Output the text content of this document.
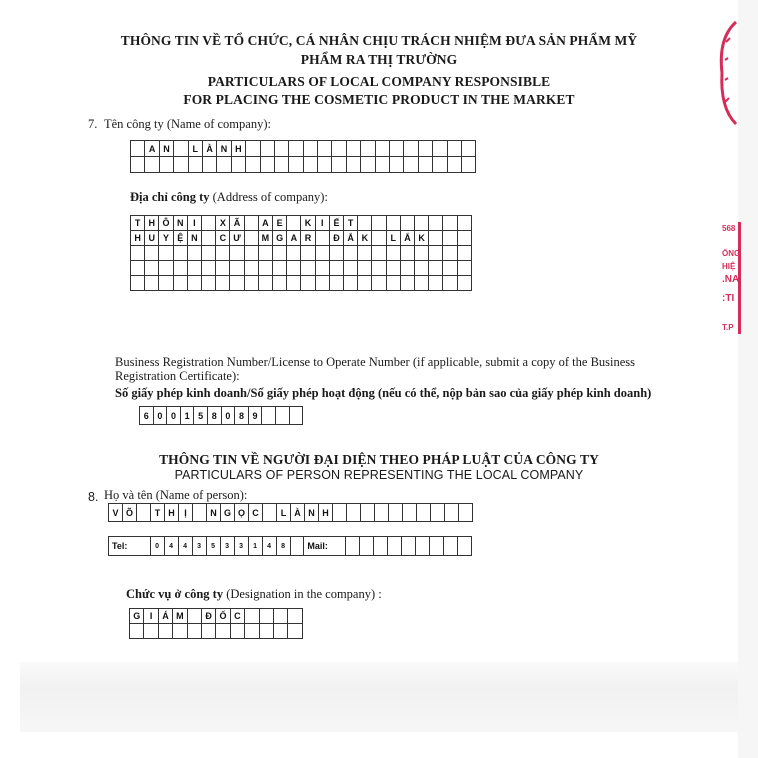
THÔNG TIN VỀ TỔ CHỨC, CÁ NHÂN CHỊU TRÁCH NHIỆM ĐƯA SẢN PHẨM MỸ
PHẨM RA THỊ TRƯỜNG
PARTICULARS OF LOCAL COMPANY RESPONSIBLE
FOR PLACING THE COSMETIC PRODUCT IN THE MARKET
7. Tên công ty (Name of company):
	A	N		L	À	N	H																

Địa chỉ công ty (Address of company):
T	H	Ô	N	I		X	Ã		A	E		K	I	Ế	T								
H	U	Y	Ệ	N		C	Ư		M	G	A	R		Đ	Ắ	K		L	Ắ	K			

Business Registration Number/License to Operate Number (if applicable, submit a copy of the Business
Registration Certificate):
Số giấy phép kinh doanh/Số giấy phép hoạt động (nếu có thể, nộp bản sao của giấy phép kinh doanh)
6	0	0	1	5	8	0	8	9			
THÔNG TIN VỀ NGƯỜI ĐẠI DIỆN THEO PHÁP LUẬT CỦA CÔNG TY
PARTICULARS OF PERSON REPRESENTING THE LOCAL COMPANY
8. Họ và tên (Name of person):
V	Õ		T	H	Ị		N	G	Ọ	C		L	À	N	H										
Tel:	0	4	4	3	5	3	3	1	4	8		Mail:									
Chức vụ ở công ty (Designation in the company) :
G	I	Á	M		Đ	Ố	C				

568
ỔNG
HIỆ
.NA
:TI
T.P
